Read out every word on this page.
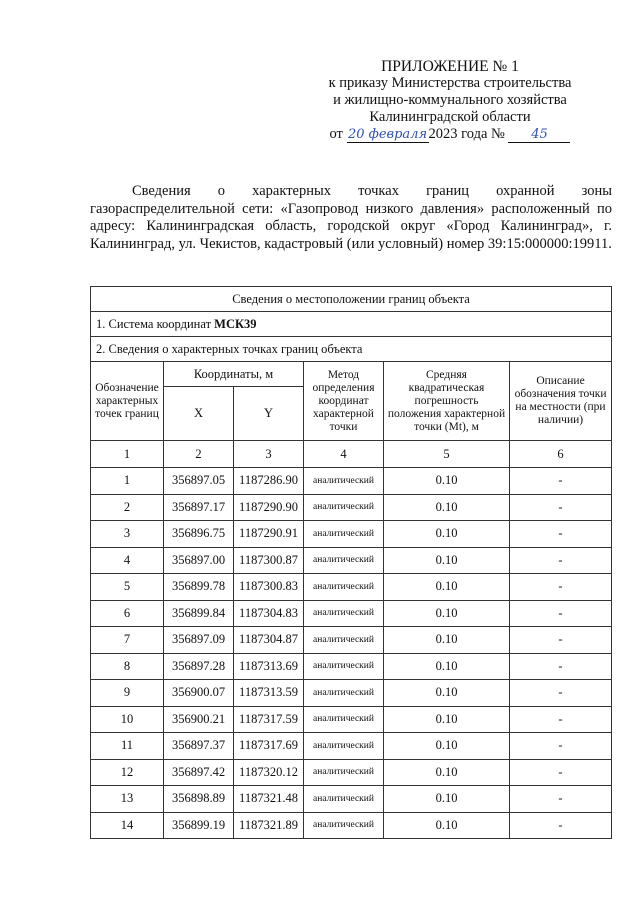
ПРИЛОЖЕНИЕ № 1
к приказу Министерства строительства
и жилищно-коммунального хозяйства
Калининградской области
от 20 февраля2023 года № 45
Сведения о характерных точках границ охранной зоны газораспределительной сети: «Газопровод низкого давления» расположенный по адресу: Калининградская область, городской округ «Город Калининград», г. Калининград, ул. Чекистов, кадастровый (или условный) номер 39:15:000000:19911.
Сведения о местоположении границ объекта					
1. Система координат МСК39					
2. Сведения о характерных точках границ объекта					
Обозначение характерных точек границ	Координаты, м		Метод определения координат характерной точки	Средняя квадратическая погрешность положения характерной точки (Mt), м	Описание обозначения точки на местности (при наличии)
	X	Y			
1	2	3	4	5	6
1	356897.05	1187286.90	аналитический	0.10	-
2	356897.17	1187290.90	аналитический	0.10	-
3	356896.75	1187290.91	аналитический	0.10	-
4	356897.00	1187300.87	аналитический	0.10	-
5	356899.78	1187300.83	аналитический	0.10	-
6	356899.84	1187304.83	аналитический	0.10	-
7	356897.09	1187304.87	аналитический	0.10	-
8	356897.28	1187313.69	аналитический	0.10	-
9	356900.07	1187313.59	аналитический	0.10	-
10	356900.21	1187317.59	аналитический	0.10	-
11	356897.37	1187317.69	аналитический	0.10	-
12	356897.42	1187320.12	аналитический	0.10	-
13	356898.89	1187321.48	аналитический	0.10	-
14	356899.19	1187321.89	аналитический	0.10	-
